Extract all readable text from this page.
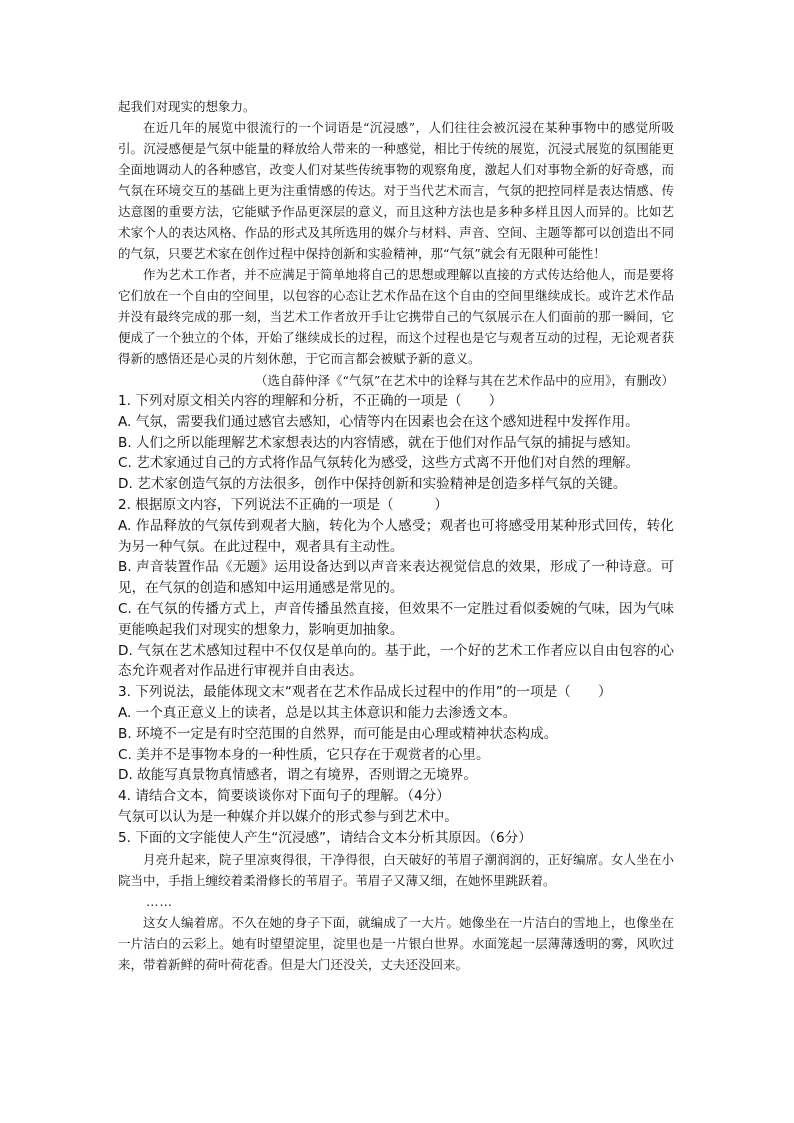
起我们对现实的想象力。

在近几年的展览中很流行的一个词语是“沉浸感”，人们往往会被沉浸在某种事物中的感觉所吸引。沉浸感便是气氛中能量的释放给人带来的一种感觉，相比于传统的展览，沉浸式展览的氛围能更全面地调动人的各种感官，改变人们对某些传统事物的观察角度，激起人们对事物全新的好奇感，而气氛在环境交互的基础上更为注重情感的传达。对于当代艺术而言，气氛的把控同样是表达情感、传达意图的重要方法，它能赋予作品更深层的意义，而且这种方法也是多种多样且因人而异的。比如艺术家个人的表达风格、作品的形式及其所选用的媒介与材料、声音、空间、主题等都可以创造出不同的气氛，只要艺术家在创作过程中保持创新和实验精神，那“气氛”就会有无限种可能性！

作为艺术工作者，并不应满足于简单地将自己的思想或理解以直接的方式传达给他人，而是要将它们放在一个自由的空间里，以包容的心态让艺术作品在这个自由的空间里继续成长。或许艺术作品并没有最终完成的那一刻，当艺术工作者放开手让它携带自己的气氛展示在人们面前的那一瞬间，它便成了一个独立的个体，开始了继续成长的过程，而这个过程也是它与观者互动的过程，无论观者获得新的感悟还是心灵的片刻休憩，于它而言都会被赋予新的意义。

（选自薛仲泽《“气氛”在艺术中的诠释与其在艺术作品中的应用》，有删改）

1. 下列对原文相关内容的理解和分析，不正确的一项是（　　）

A. 气氛，需要我们通过感官去感知，心情等内在因素也会在这个感知进程中发挥作用。

B. 人们之所以能理解艺术家想表达的内容情感，就在于他们对作品气氛的捕捉与感知。

C. 艺术家通过自己的方式将作品气氛转化为感受，这些方式离不开他们对自然的理解。

D. 艺术家创造气氛的方法很多，创作中保持创新和实验精神是创造多样气氛的关键。

2. 根据原文内容，下列说法不正确的一项是（　　　）

A. 作品释放的气氛传到观者大脑，转化为个人感受；观者也可将感受用某种形式回传，转化为另一种气氛。在此过程中，观者具有主动性。

B. 声音装置作品《无题》运用设备达到以声音来表达视觉信息的效果，形成了一种诗意。可见，在气氛的创造和感知中运用通感是常见的。

C. 在气氛的传播方式上，声音传播虽然直接，但效果不一定胜过看似委婉的气味，因为气味更能唤起我们对现实的想象力，影响更加抽象。

D. 气氛在艺术感知过程中不仅仅是单向的。基于此，一个好的艺术工作者应以自由包容的心态允许观者对作品进行审视并自由表达。

3. 下列说法，最能体现文末“观者在艺术作品成长过程中的作用”的一项是（　　）

A. 一个真正意义上的读者，总是以其主体意识和能力去渗透文本。

B. 环境不一定是有时空范围的自然界，而可能是由心理或精神状态构成。

C. 美并不是事物本身的一种性质，它只存在于观赏者的心里。

D. 故能写真景物真情感者，谓之有境界，否则谓之无境界。

4. 请结合文本，简要谈谈你对下面句子的理解。（4分）

气氛可以认为是一种媒介并以媒介的形式参与到艺术中。

5. 下面的文字能使人产生“沉浸感”，请结合文本分析其原因。（6分）

月亮升起来，院子里凉爽得很，干净得很，白天破好的苇眉子潮润润的，正好编席。女人坐在小院当中，手指上缠绞着柔滑修长的苇眉子。苇眉子又薄又细，在她怀里跳跃着。

……

这女人编着席。不久在她的身子下面，就编成了一大片。她像坐在一片洁白的雪地上，也像坐在一片洁白的云彩上。她有时望望淀里，淀里也是一片银白世界。水面笼起一层薄薄透明的雾，风吹过来，带着新鲜的荷叶荷花香。但是大门还没关，丈夫还没回来。
